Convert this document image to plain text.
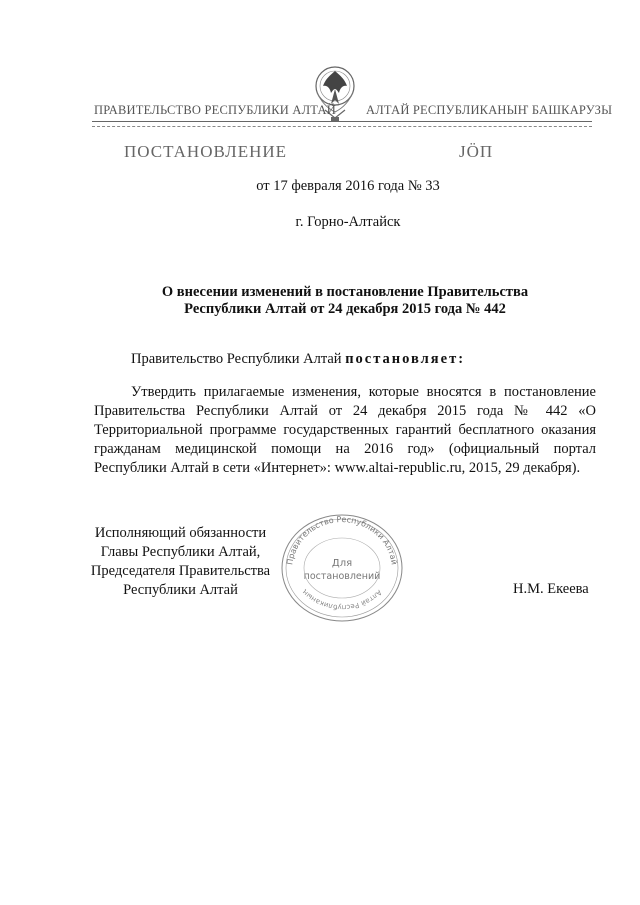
ПРАВИТЕЛЬСТВО РЕСПУБЛИКИ АЛТАЙ АЛТАЙ РЕСПУБЛИКАНЫҤ БАШКАРУЗЫ
ПОСТАНОВЛЕНИЕ	ЈӦП
от 17 февраля 2016 года № 33
г. Горно-Алтайск
О внесении изменений в постановление Правительства
Республики Алтай от 24 декабря 2015 года № 442
Правительство Республики Алтай постановляет:
Утвердить прилагаемые изменения, которые вносятся в постановление Правительства Республики Алтай от 24 декабря 2015 года № 442 «О Территориальной программе государственных гарантий бесплатного оказания гражданам медицинской помощи на 2016 год» (официальный портал Республики Алтай в сети «Интернет»: www.altai-republic.ru, 2015, 29 декабря).
Исполняющий обязанности
Главы Республики Алтай,
Председателя Правительства
Республики Алтай	Н.М. Екеева
Правительство Республики Алтай
Алтай Республиканың
Для
постановлений
